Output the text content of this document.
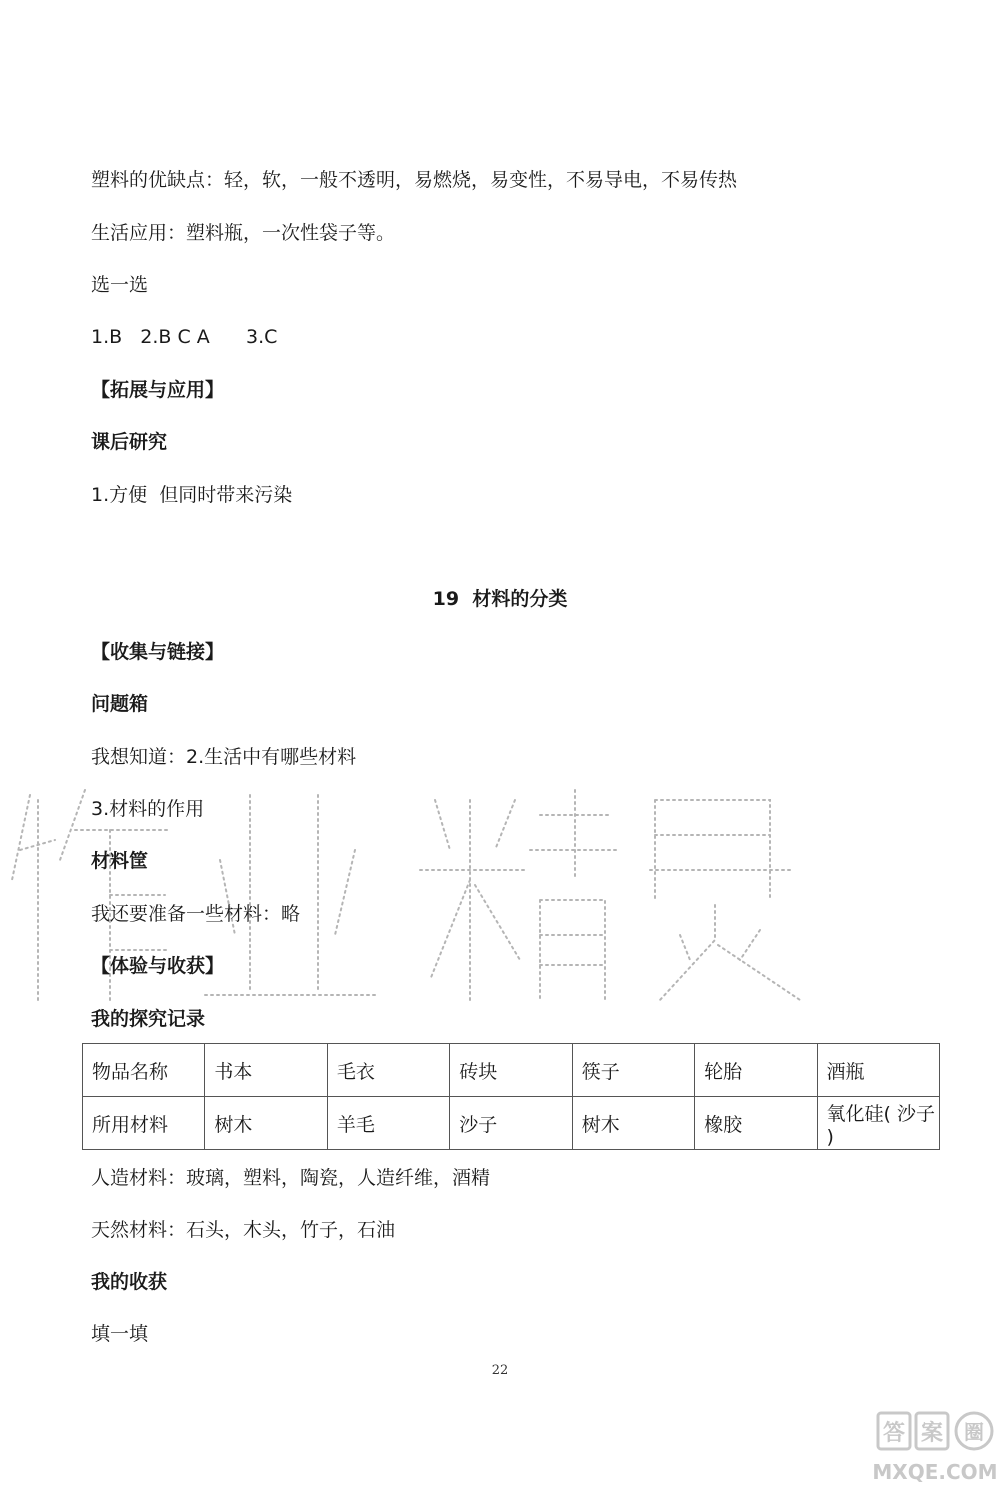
塑料的优缺点：轻，软，一般不透明，易燃烧，易变性，不易导电，不易传热
生活应用：塑料瓶，一次性袋子等。
选一选
1.B   2.B C A      3.C
【拓展与应用】
课后研究
1.方便  但同时带来污染
19  材料的分类
【收集与链接】
问题箱
我想知道：2.生活中有哪些材料
3.材料的作用
材料筐
我还要准备一些材料：略
【体验与收获】
我的探究记录
物品名称	书本	毛衣	砖块	筷子	轮胎	酒瓶
所用材料	树木	羊毛	沙子	树木	橡胶	氧化硅( 沙子 )
人造材料：玻璃，塑料，陶瓷，人造纤维，酒精
天然材料：石头，木头，竹子，石油
我的收获
填一填
22
答 案 圈
MXQE.COM
